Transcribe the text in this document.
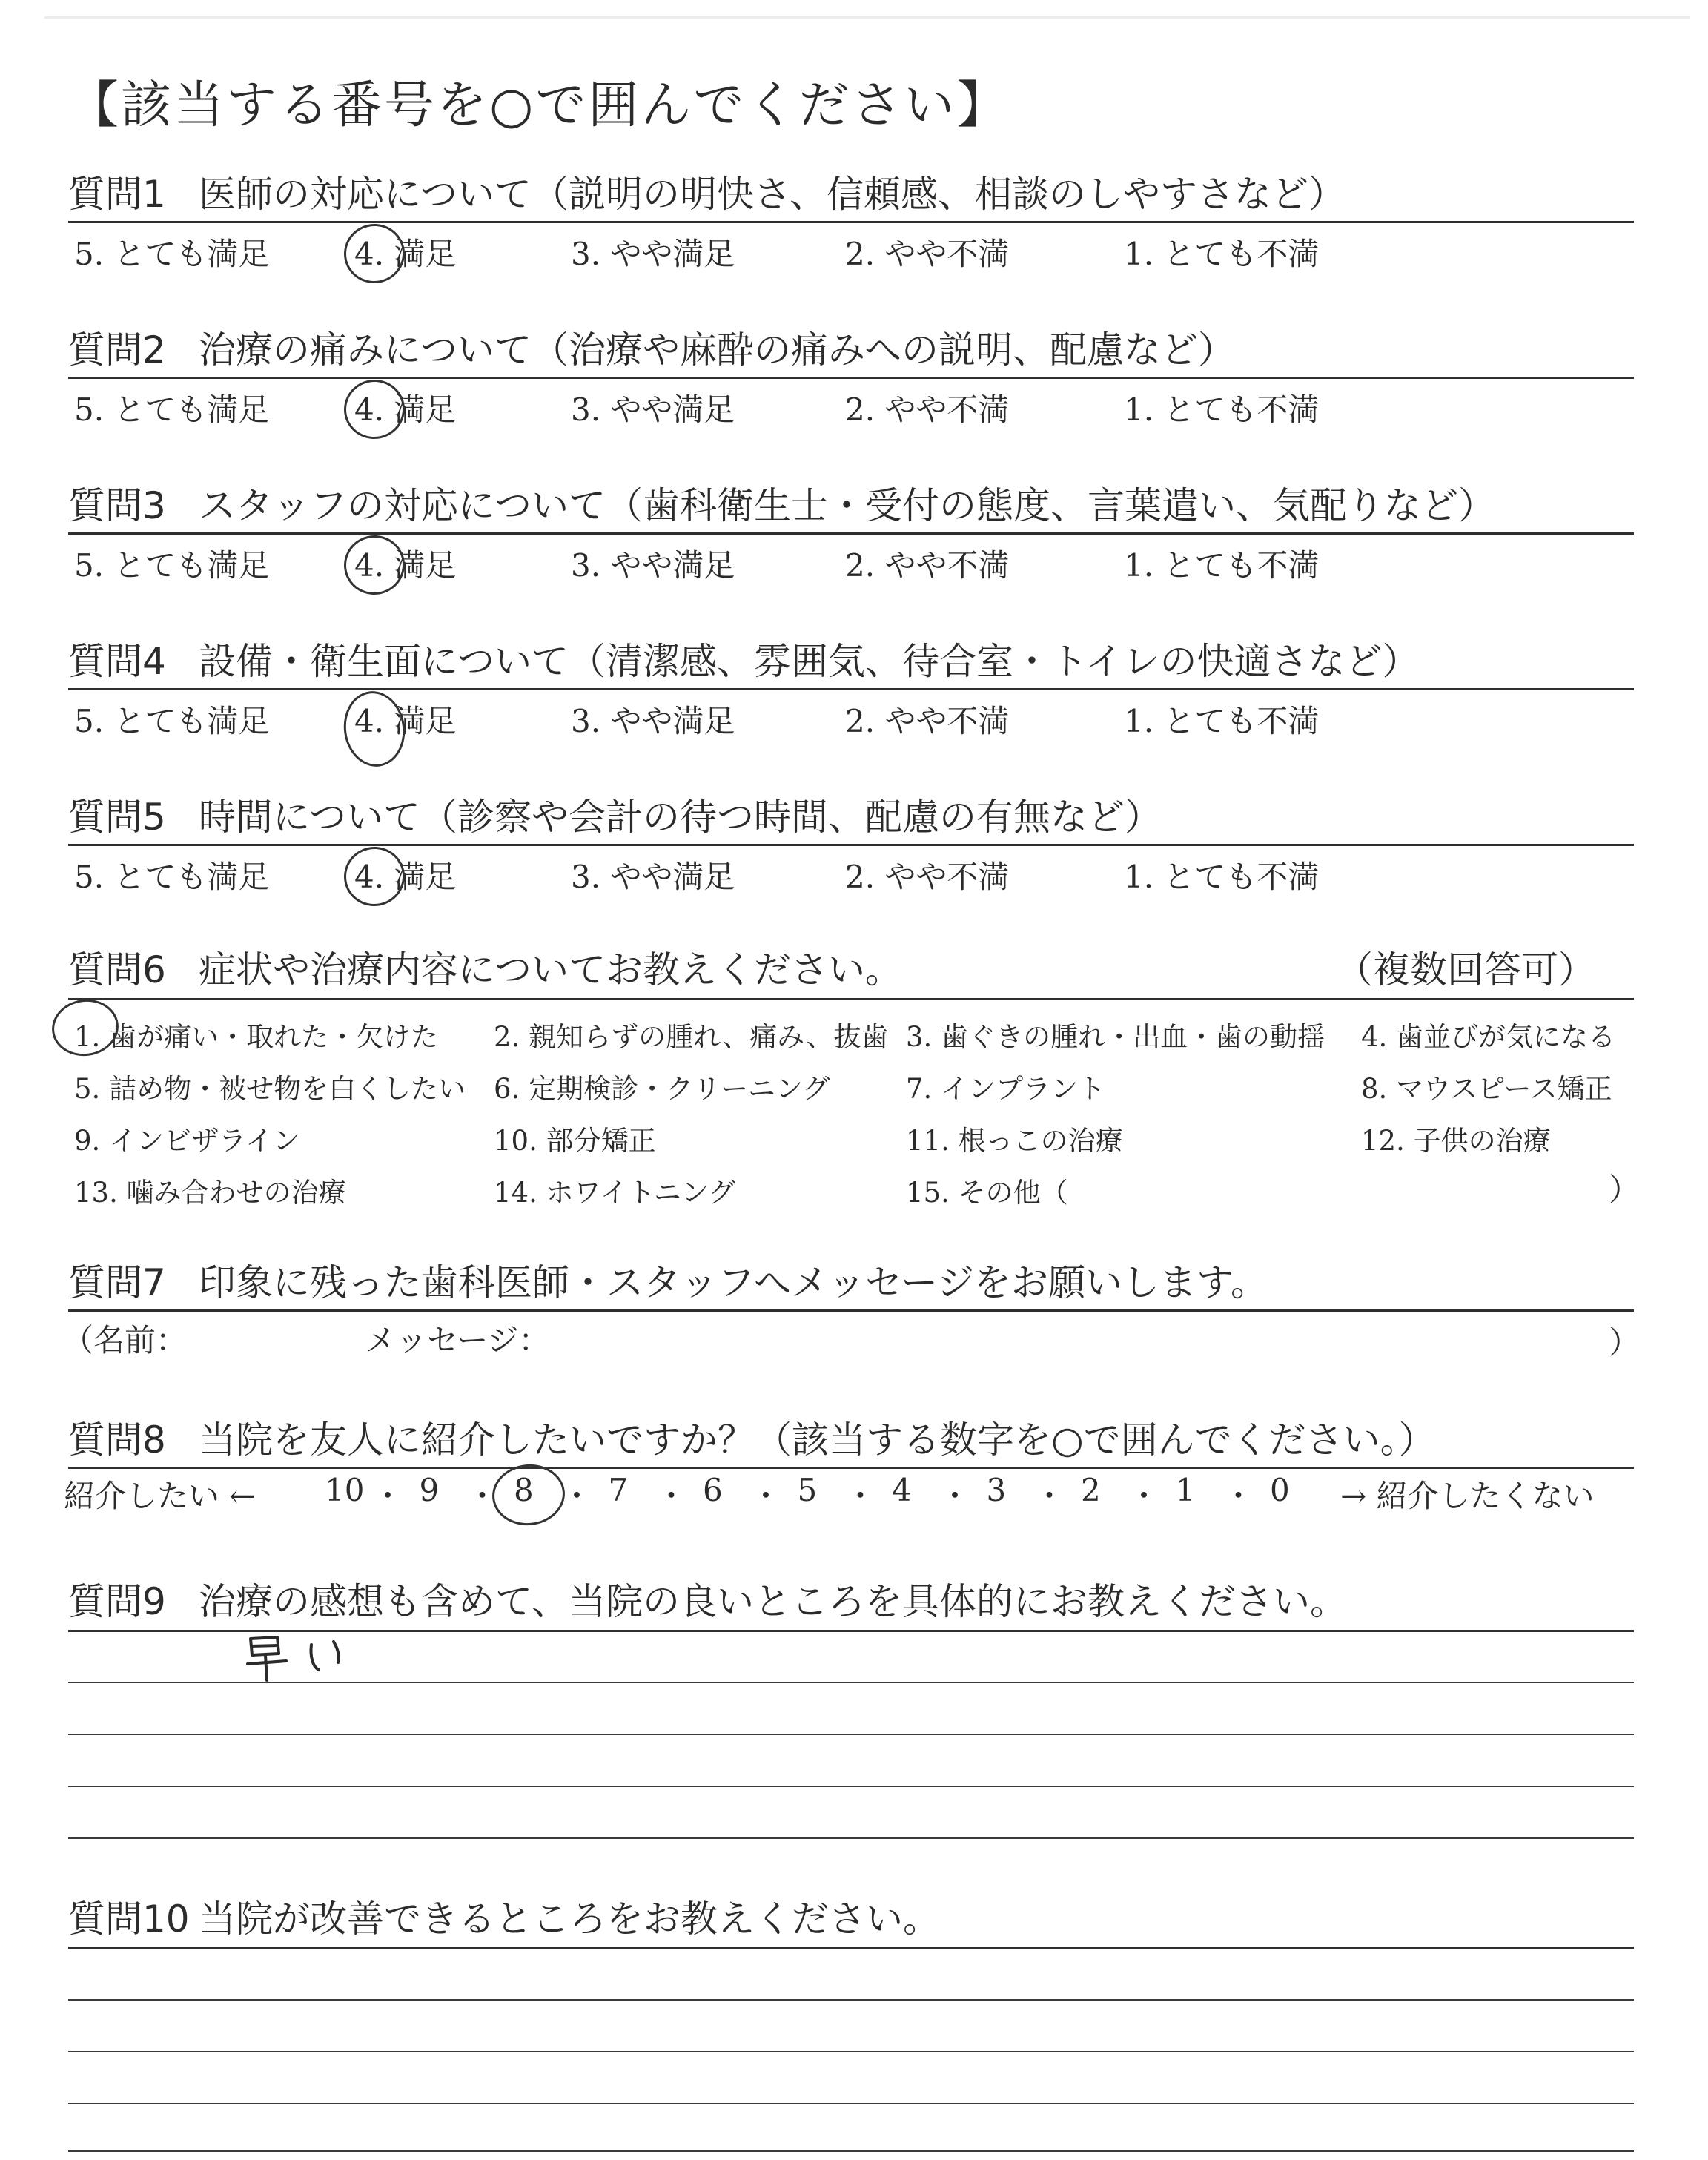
【該当する番号を○で囲んでください】
質問1 医師の対応について（説明の明快さ、信頼感、相談のしやすさなど）
5. とても満足	4. 満足	3. やや満足	2. やや不満	1. とても不満
質問2 治療の痛みについて（治療や麻酔の痛みへの説明、配慮など）
5. とても満足	4. 満足	3. やや満足	2. やや不満	1. とても不満
質問3 スタッフの対応について（歯科衛生士・受付の態度、言葉遣い、気配りなど）
5. とても満足	4. 満足	3. やや満足	2. やや不満	1. とても不満
質問4 設備・衛生面について（清潔感、雰囲気、待合室・トイレの快適さなど）
5. とても満足	4. 満足	3. やや満足	2. やや不満	1. とても不満
質問5 時間について（診察や会計の待つ時間、配慮の有無など）
5. とても満足	4. 満足	3. やや満足	2. やや不満	1. とても不満
質問6 症状や治療内容についてお教えください。	（複数回答可）
1. 歯が痛い・取れた・欠けた 2. 親知らずの腫れ、痛み、抜歯 3. 歯ぐきの腫れ・出血・歯の動揺 4. 歯並びが気になる
5. 詰め物・被せ物を白くしたい 6. 定期検診・クリーニング	7. インプラント	8. マウスピース矯正
9. インビザライン	10. 部分矯正	11. 根っこの治療	12. 子供の治療
13. 噛み合わせの治療	14. ホワイトニング	15. その他（	）
質問7 印象に残った歯科医師・スタッフへメッセージをお願いします。
（名前：	メッセージ：	）
質問8 当院を友人に紹介したいですか？（該当する数字を○で囲んでください。）
紹介したい ←	→ 紹介したくない
10 ・ 9 ・ 8 ・ 7 ・ 6 ・ 5 ・ 4 ・ 3 ・ 2 ・ 1 ・ 0
質問9 治療の感想も含めて、当院の良いところを具体的にお教えください。
質問10 当院が改善できるところをお教えください。
